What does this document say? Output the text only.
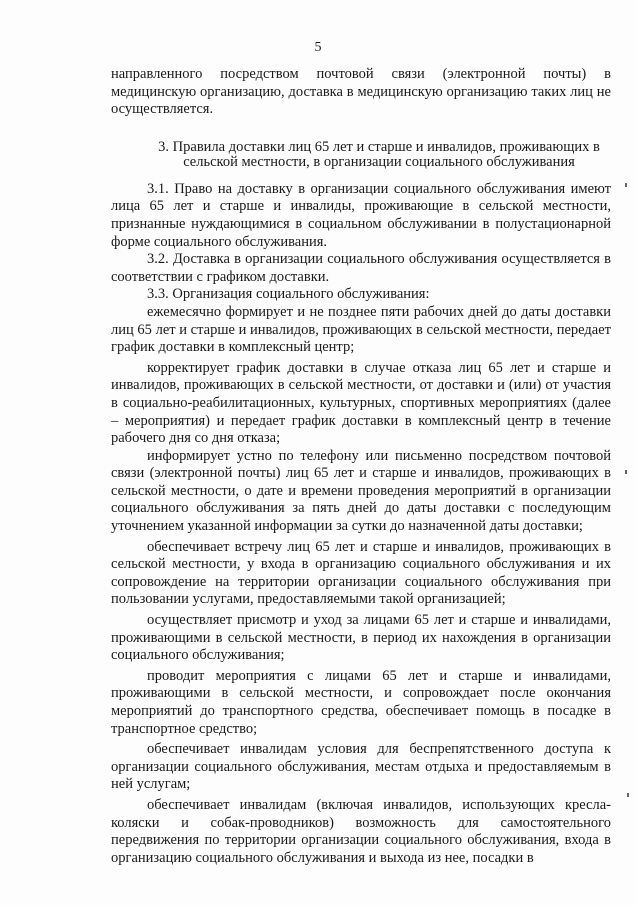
5

направленного посредством почтовой связи (электронной почты) в медицинскую организацию, доставка в медицинскую организацию таких лиц не осуществляется.

3. Правила доставки лиц 65 лет и старше и инвалидов, проживающих в сельской местности, в организации социального обслуживания

3.1. Право на доставку в организации социального обслуживания имеют лица 65 лет и старше и инвалиды, проживающие в сельской местности, признанные нуждающимися в социальном обслуживании в полустационарной форме социального обслуживания.

3.2. Доставка в организации социального обслуживания осуществляется в соответствии с графиком доставки.

3.3. Организация социального обслуживания:

ежемесячно формирует и не позднее пяти рабочих дней до даты доставки лиц 65 лет и старше и инвалидов, проживающих в сельской местности, передает график доставки в комплексный центр;

корректирует график доставки в случае отказа лиц 65 лет и старше и инвалидов, проживающих в сельской местности, от доставки и (или) от участия в социально-реабилитационных, культурных, спортивных мероприятиях (далее – мероприятия) и передает график доставки в комплексный центр в течение рабочего дня со дня отказа;

информирует устно по телефону или письменно посредством почтовой связи (электронной почты) лиц 65 лет и старше и инвалидов, проживающих в сельской местности, о дате и времени проведения мероприятий в организации социального обслуживания за пять дней до даты доставки с последующим уточнением указанной информации за сутки до назначенной даты доставки;

обеспечивает встречу лиц 65 лет и старше и инвалидов, проживающих в сельской местности, у входа в организацию социального обслуживания и их сопровождение на территории организации социального обслуживания при пользовании услугами, предоставляемыми такой организацией;

осуществляет присмотр и уход за лицами 65 лет и старше и инвалидами, проживающими в сельской местности, в период их нахождения в организации социального обслуживания;

проводит мероприятия с лицами 65 лет и старше и инвалидами, проживающими в сельской местности, и сопровождает после окончания мероприятий до транспортного средства, обеспечивает помощь в посадке в транспортное средство;

обеспечивает инвалидам условия для беспрепятственного доступа к организации социального обслуживания, местам отдыха и предоставляемым в ней услугам;

обеспечивает инвалидам (включая инвалидов, использующих кресла-коляски и собак-проводников) возможность для самостоятельного передвижения по территории организации социального обслуживания, входа в организацию социального обслуживания и выхода из нее, посадки в
